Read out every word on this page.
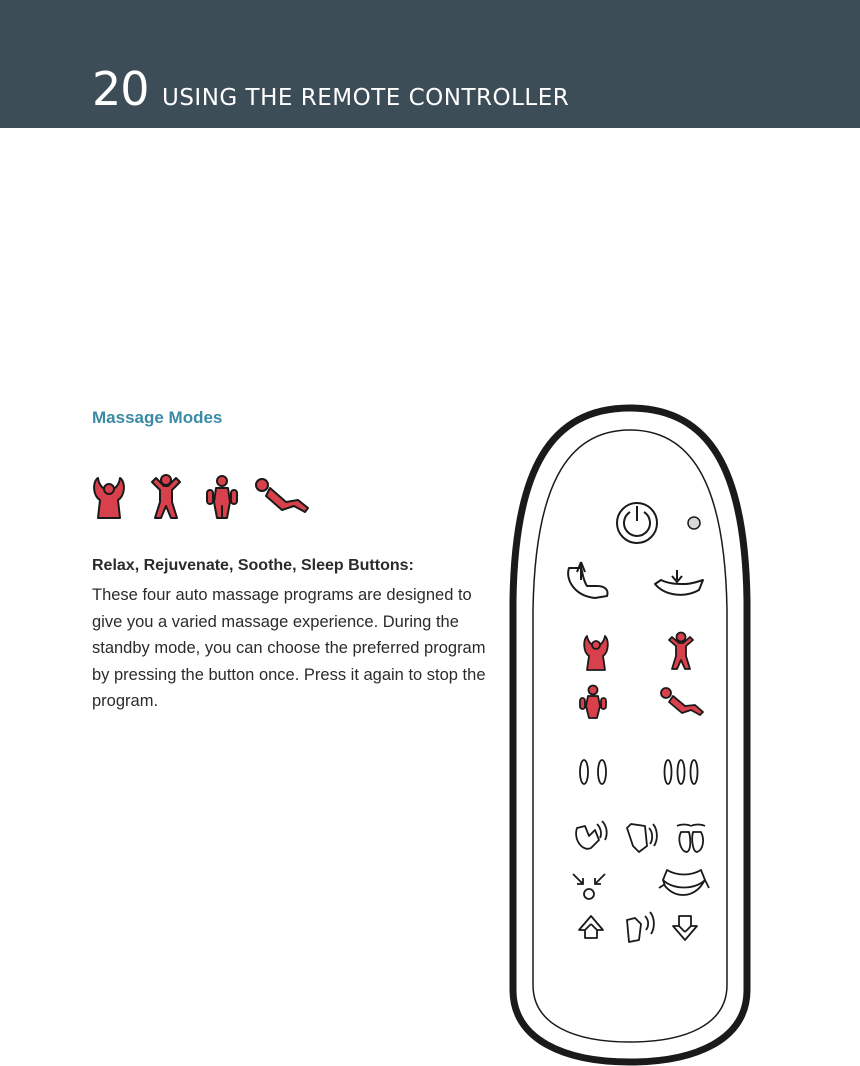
20 USING THE REMOTE CONTROLLER
Massage Modes
Relax, Rejuvenate, Soothe, Sleep Buttons:
These four auto massage programs are designed to give you a varied massage experience. During the standby mode, you can choose the preferred program by pressing the button once. Press it again to stop the program.
